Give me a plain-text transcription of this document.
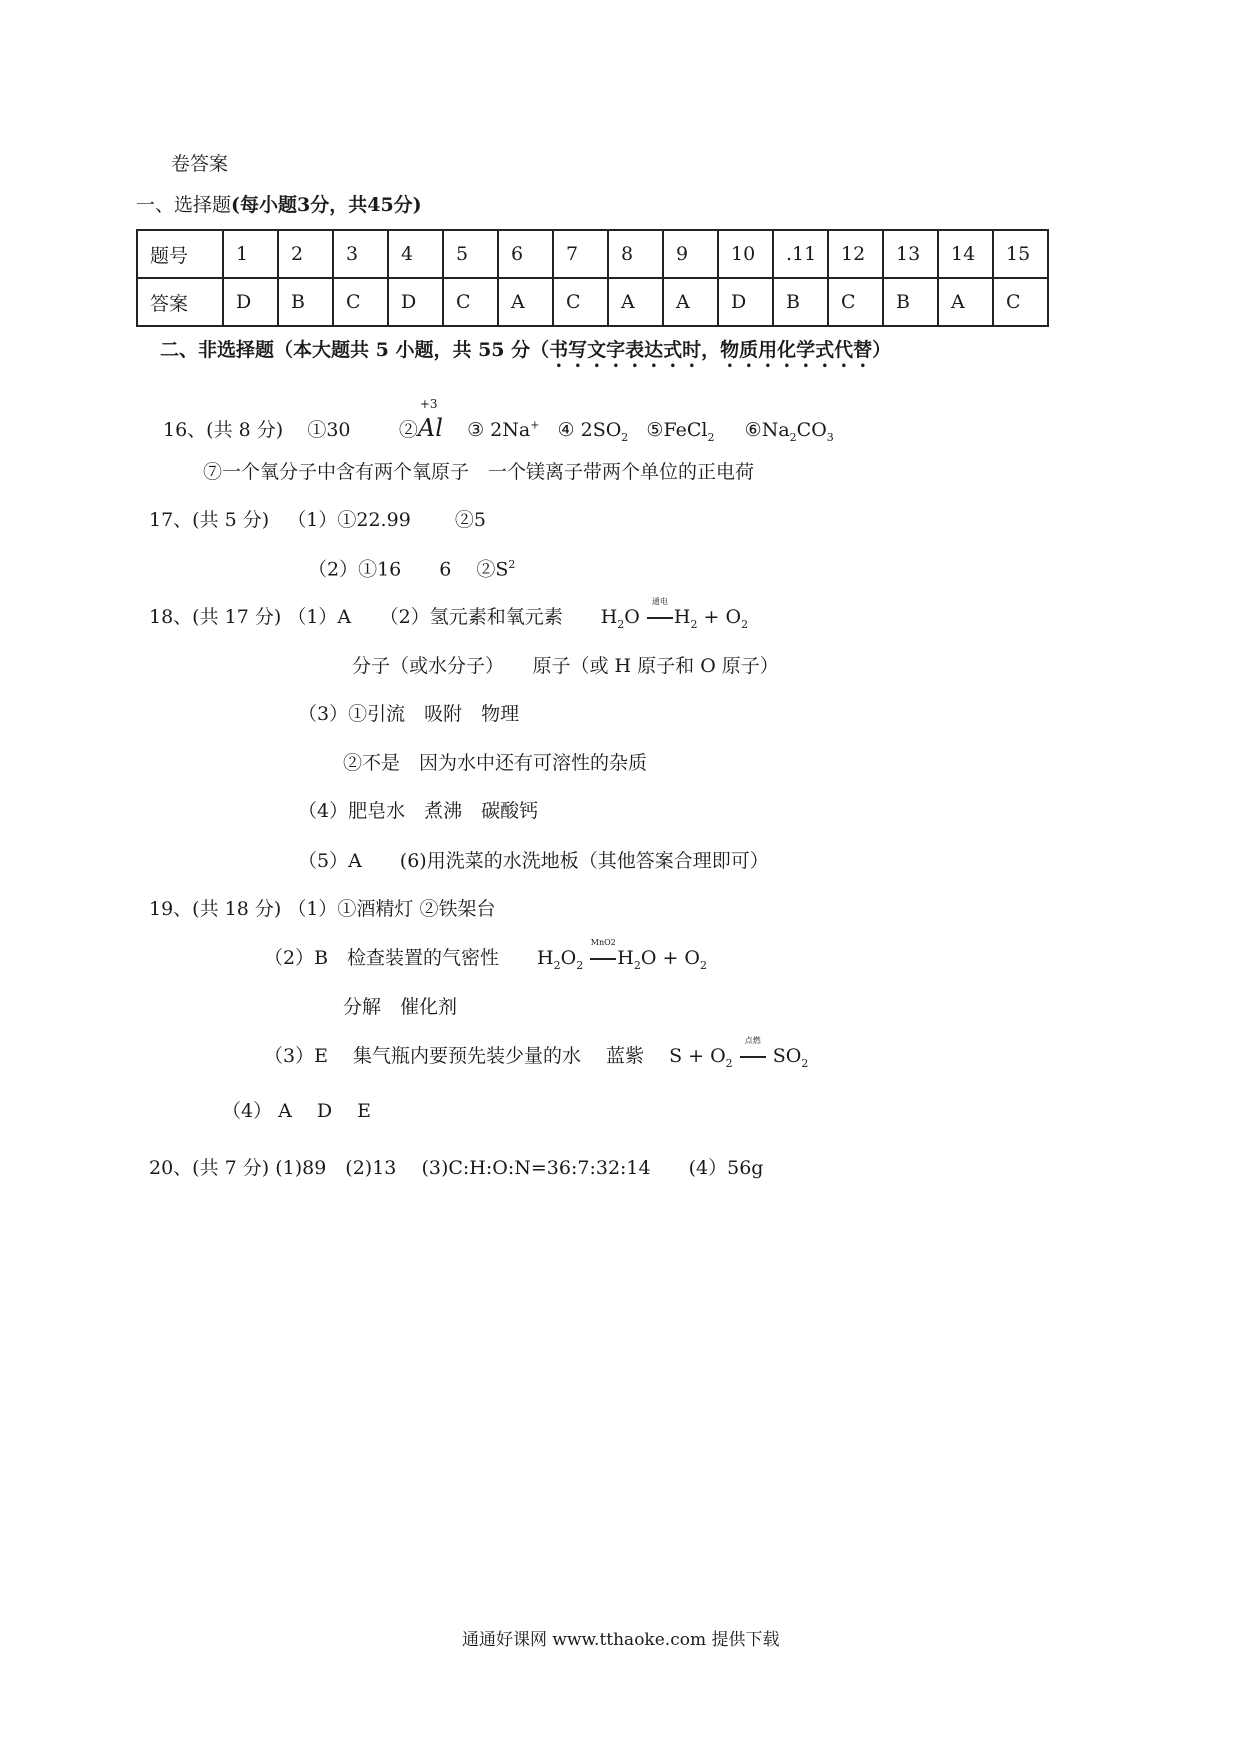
卷答案
一、选择题(每小题3分，共45分)
题号	1	2	3	4	5	6	7	8	9	10	.11	12	13	14	15
答案	D	B	C	D	C	A	C	A	A	D	B	C	B	A	C
二、非选择题（本大题共 5 小题，共 55 分（书写文字表达式时，物质用化学式代替）
16、(共 8 分) ①30	②
+3
Al ③ 2Na+ ④ $2SO_2$ ⑤FeCl$_2$ $⑥Na_2CO_3$
⑦一个氧分子中含有两个氧原子　一个镁离子带两个单位的正电荷
17、(共 5 分) （1）①22.99　　 ②5
（2）①16　　6　 $②S^2$
18、(共 17 分) （1）A　　（2）氢元素和氧元素　　$H_2O$
通电
$H_2 + O_2$
分子（或水分子）　　原子（或 H 原子和 O 原子）
（3）①引流　吸附　物理
②不是　因为水中还有可溶性的杂质
（4）肥皂水　煮沸　碳酸钙
（5）A　　(6)用洗菜的水洗地板（其他答案合理即可）
19、(共 18 分) （1）①酒精灯 ②铁架台
（2）B　检查装置的气密性　　$H_2O_2$
MnO2
$H_2O + O_2$
分解　催化剂
（3）E　 集气瓶内要预先装少量的水　 蓝紫　 $S + O_2$
点燃
$SO_2$
（4） A　 D　 E
20、(共 7 分) (1)89　(2)13　 (3)C:H:O:N=36:7:32:14　　(4）56g
通通好课网 www.tthaoke.com 提供下载
